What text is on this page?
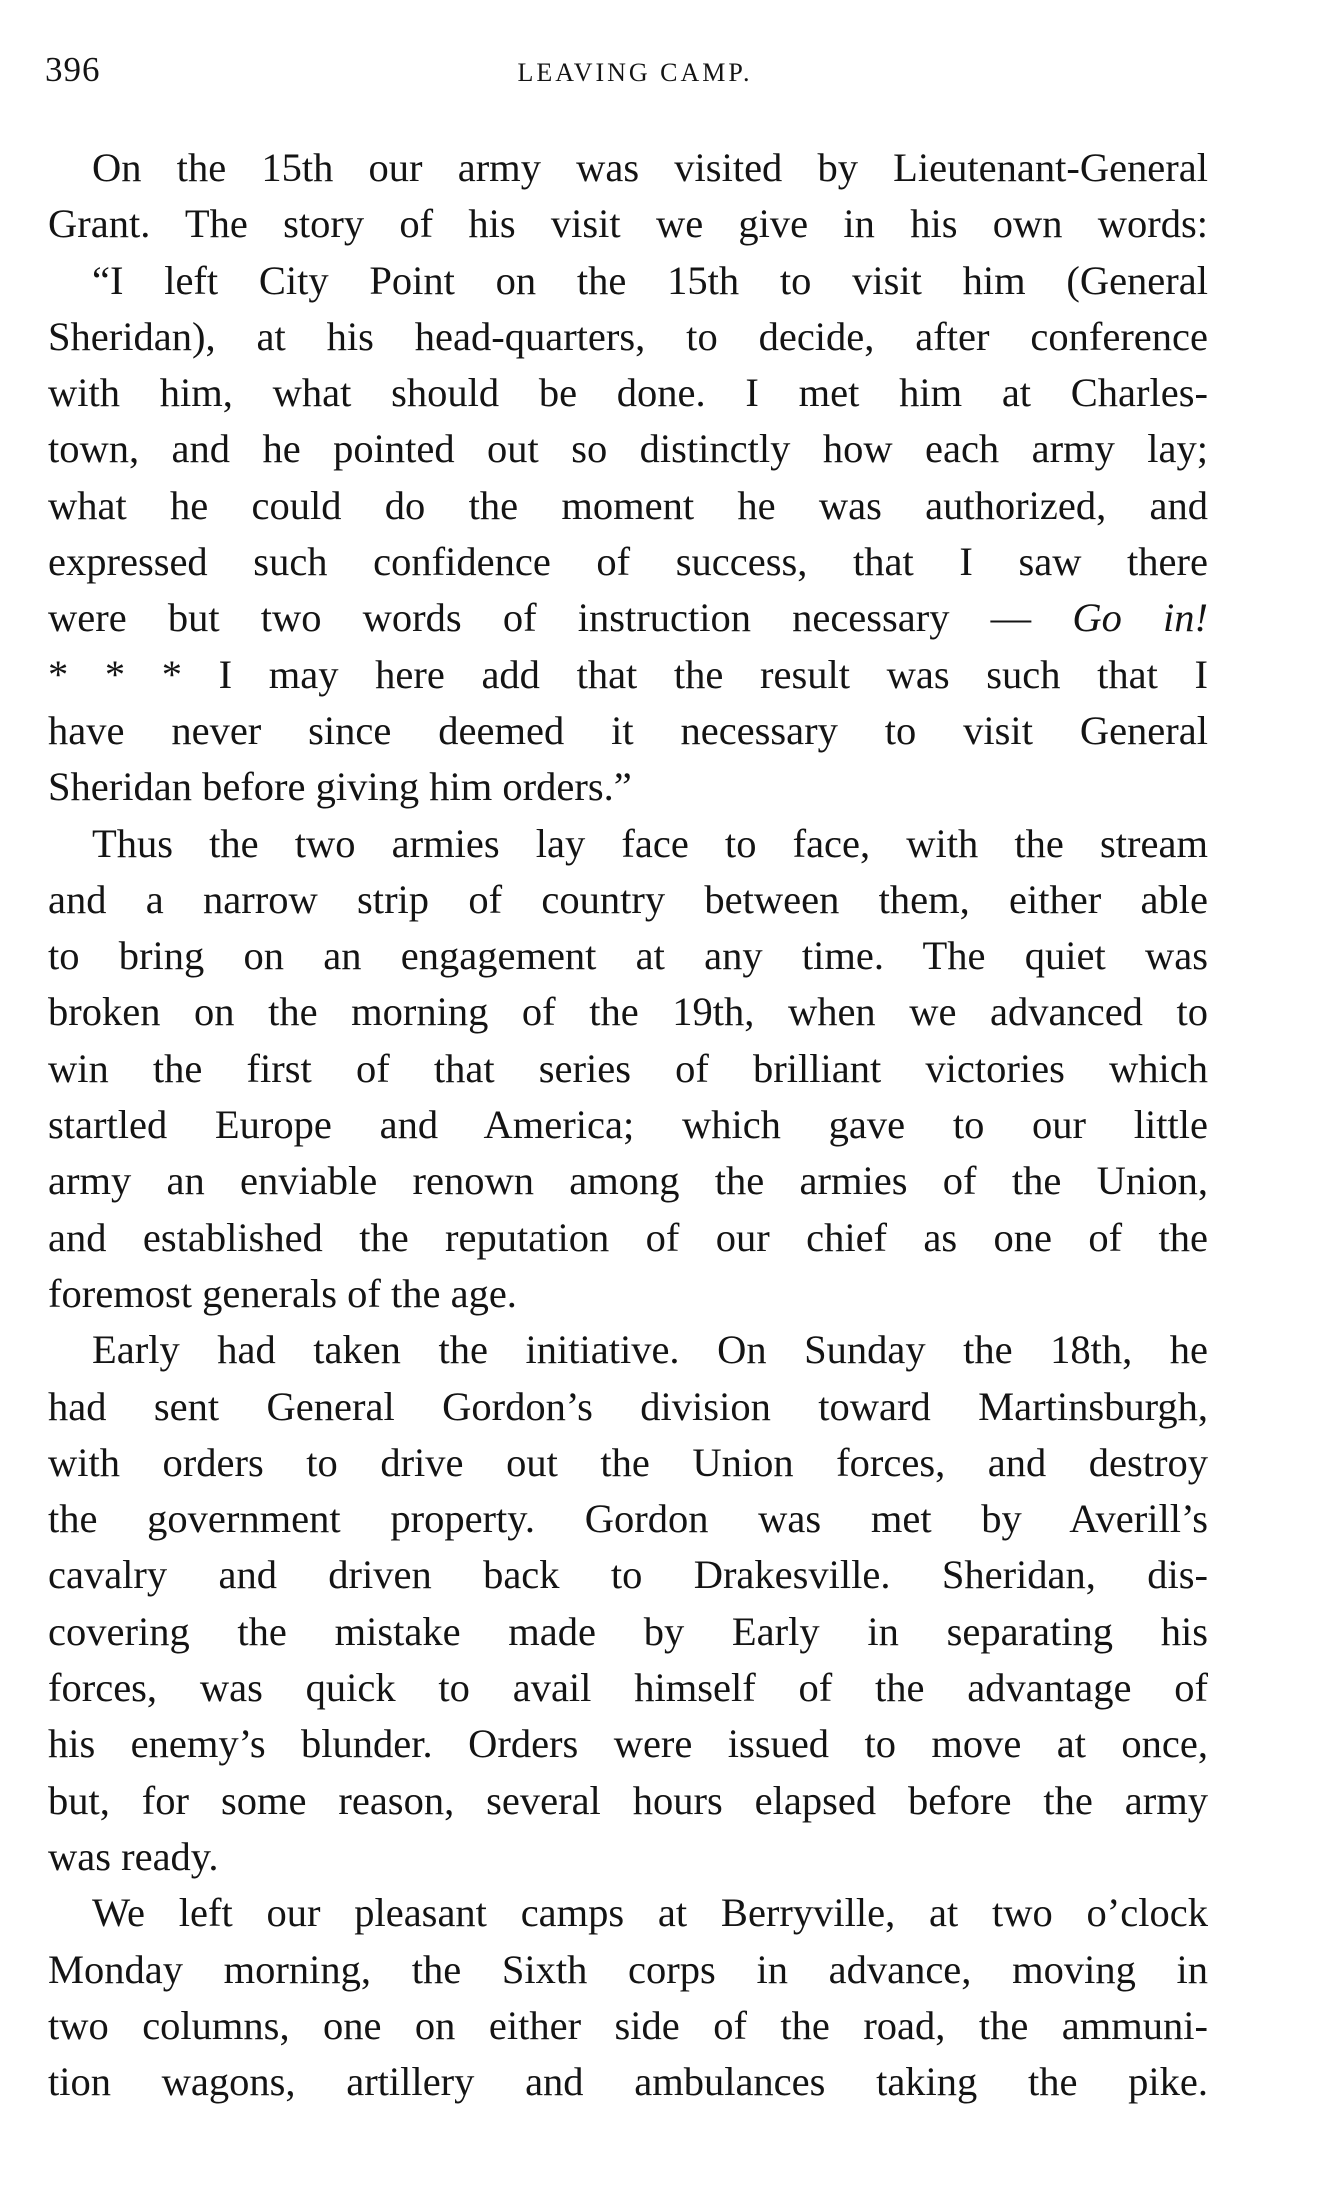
396	LEAVING CAMP.
On the 15th our army was visited by Lieutenant-General
Grant. The story of his visit we give in his own words:
“I left City Point on the 15th to visit him (General
Sheridan), at his head-quarters, to decide, after conference
with him, what should be done. I met him at Charles-
town, and he pointed out so distinctly how each army lay;
what he could do the moment he was authorized, and
expressed such confidence of success, that I saw there
were but two words of instruction necessary — Go in!
* * * I may here add that the result was such that I
have never since deemed it necessary to visit General
Sheridan before giving him orders.”
Thus the two armies lay face to face, with the stream
and a narrow strip of country between them, either able
to bring on an engagement at any time. The quiet was
broken on the morning of the 19th, when we advanced to
win the first of that series of brilliant victories which
startled Europe and America; which gave to our little
army an enviable renown among the armies of the Union,
and established the reputation of our chief as one of the
foremost generals of the age.
Early had taken the initiative. On Sunday the 18th, he
had sent General Gordon’s division toward Martinsburgh,
with orders to drive out the Union forces, and destroy
the government property. Gordon was met by Averill’s
cavalry and driven back to Drakesville. Sheridan, dis-
covering the mistake made by Early in separating his
forces, was quick to avail himself of the advantage of
his enemy’s blunder. Orders were issued to move at once,
but, for some reason, several hours elapsed before the army
was ready.
We left our pleasant camps at Berryville, at two o’clock
Monday morning, the Sixth corps in advance, moving in
two columns, one on either side of the road, the ammuni-
tion wagons, artillery and ambulances taking the pike.
